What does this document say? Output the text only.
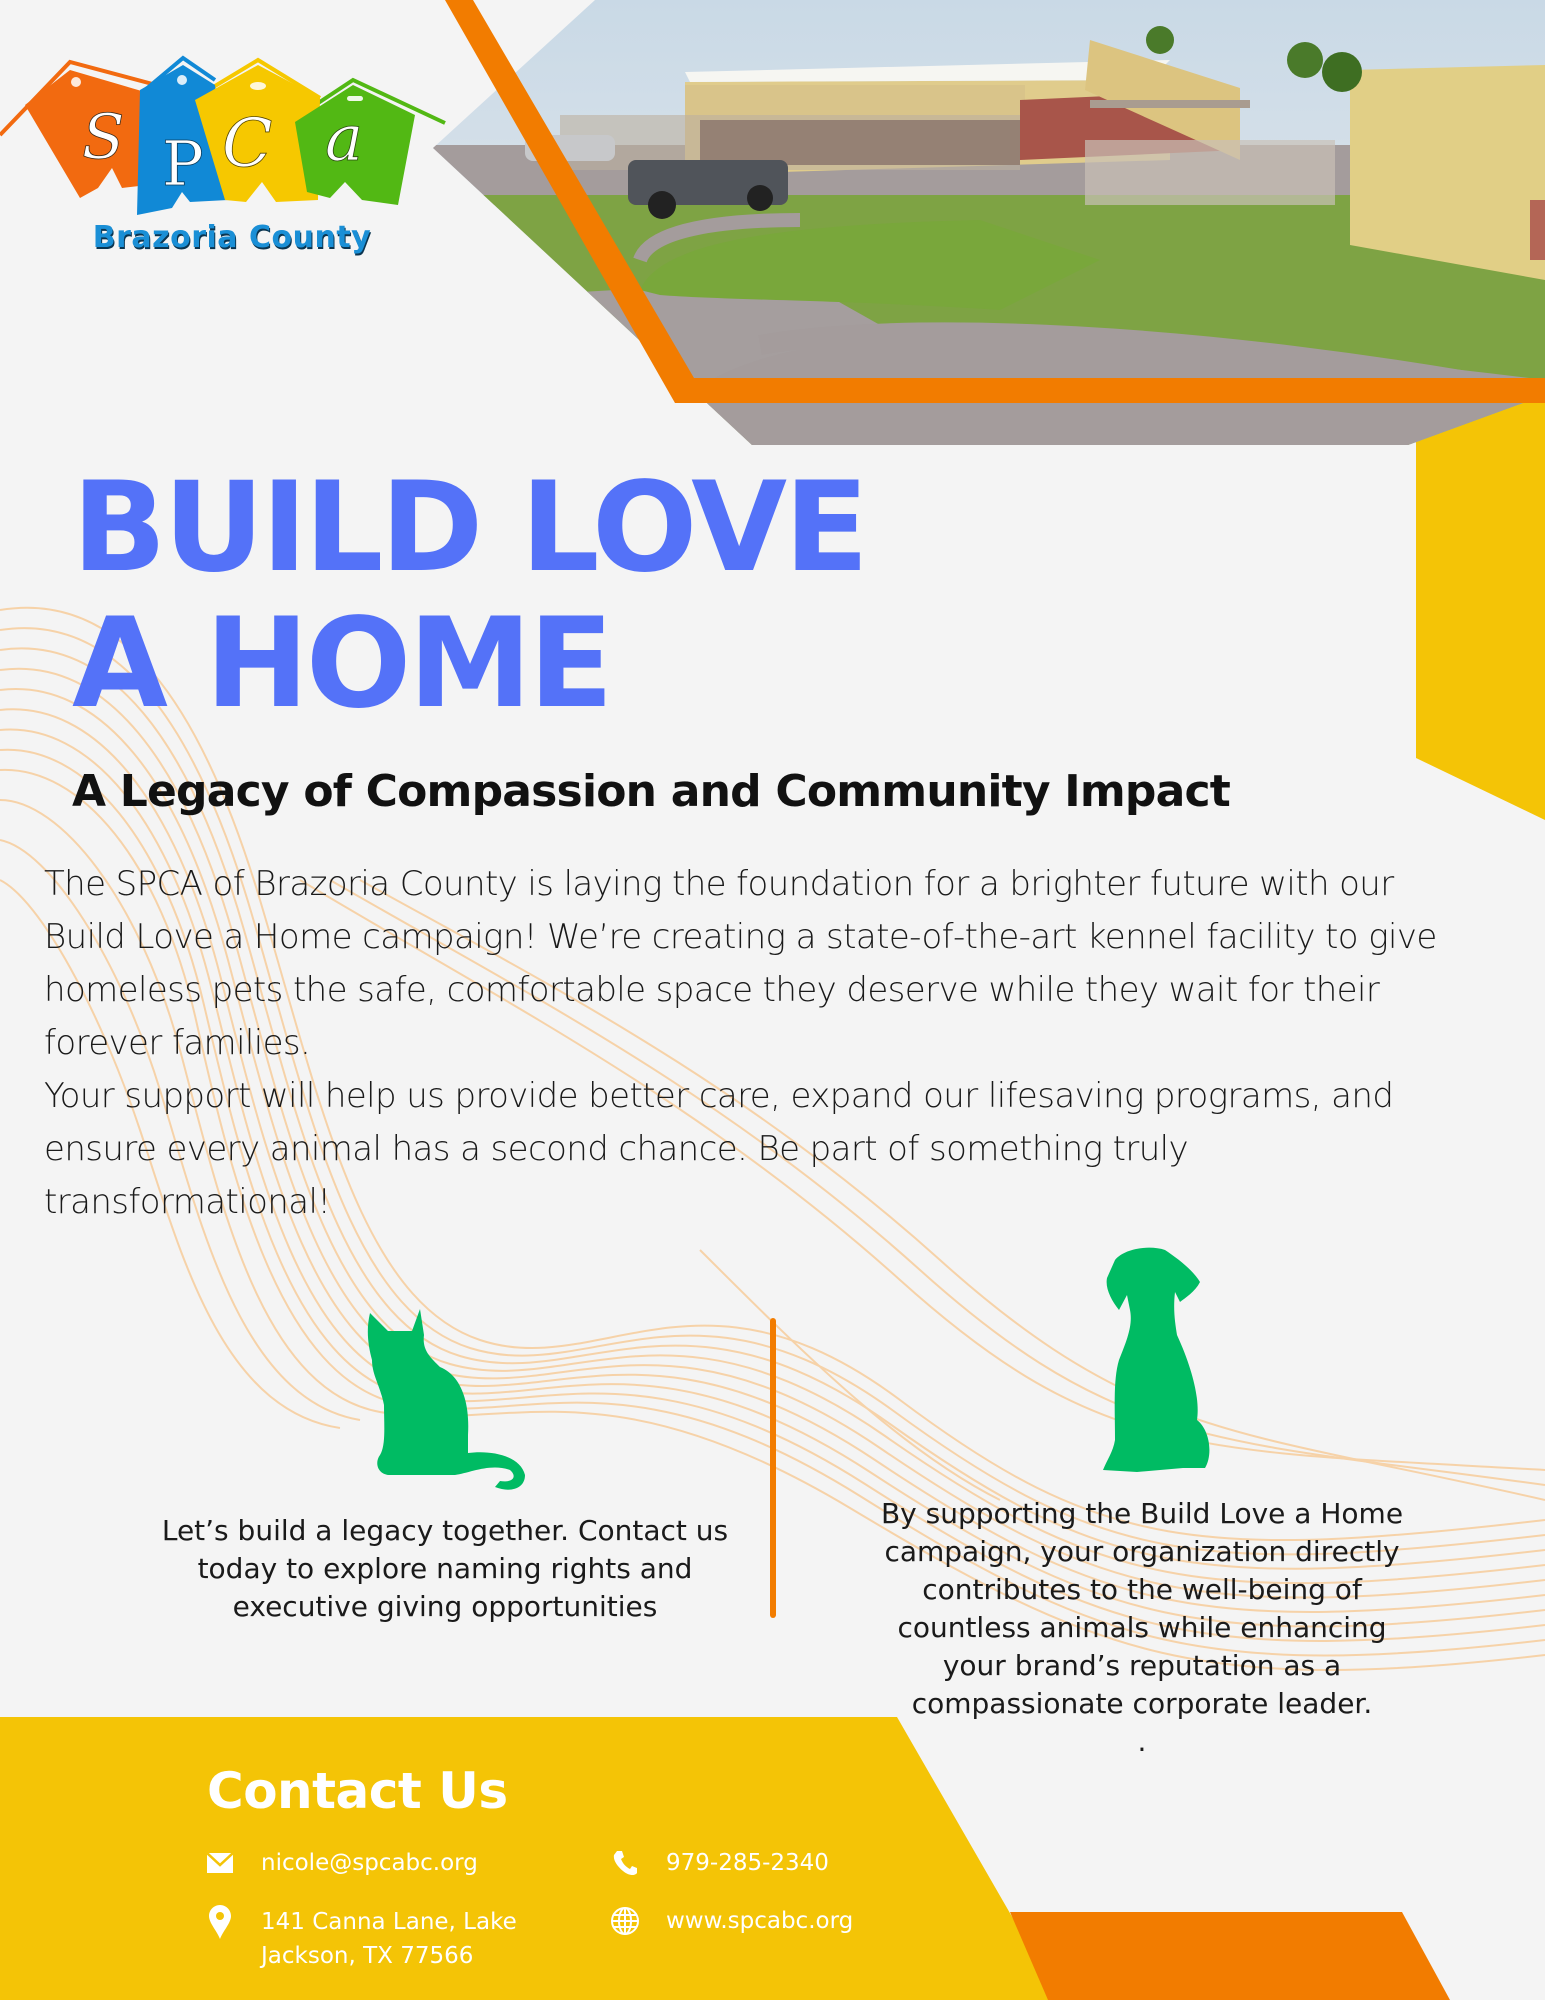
S P C a
Brazoria County
BUILD LOVE
A HOME
A Legacy of Compassion and Community Impact

The SPCA of Brazoria County is laying the foundation for a brighter future with our Build Love a Home campaign! We’re creating a state-of-the-art kennel facility to give homeless pets the safe, comfortable space they deserve while they wait for their forever families.

Your support will help us provide better care, expand our lifesaving programs, and ensure every animal has a second chance. Be part of something truly transformational!

Let’s build a legacy together. Contact us today to explore naming rights and executive giving opportunities
By supporting the Build Love a Home campaign, your organization directly contributes to the well-being of countless animals while enhancing your brand’s reputation as a compassionate corporate leader.
.
Contact Us
nicole@spcabc.org	979-285-2340
141 Canna Lane, Lake
Jackson, TX 77566
www.spcabc.org
